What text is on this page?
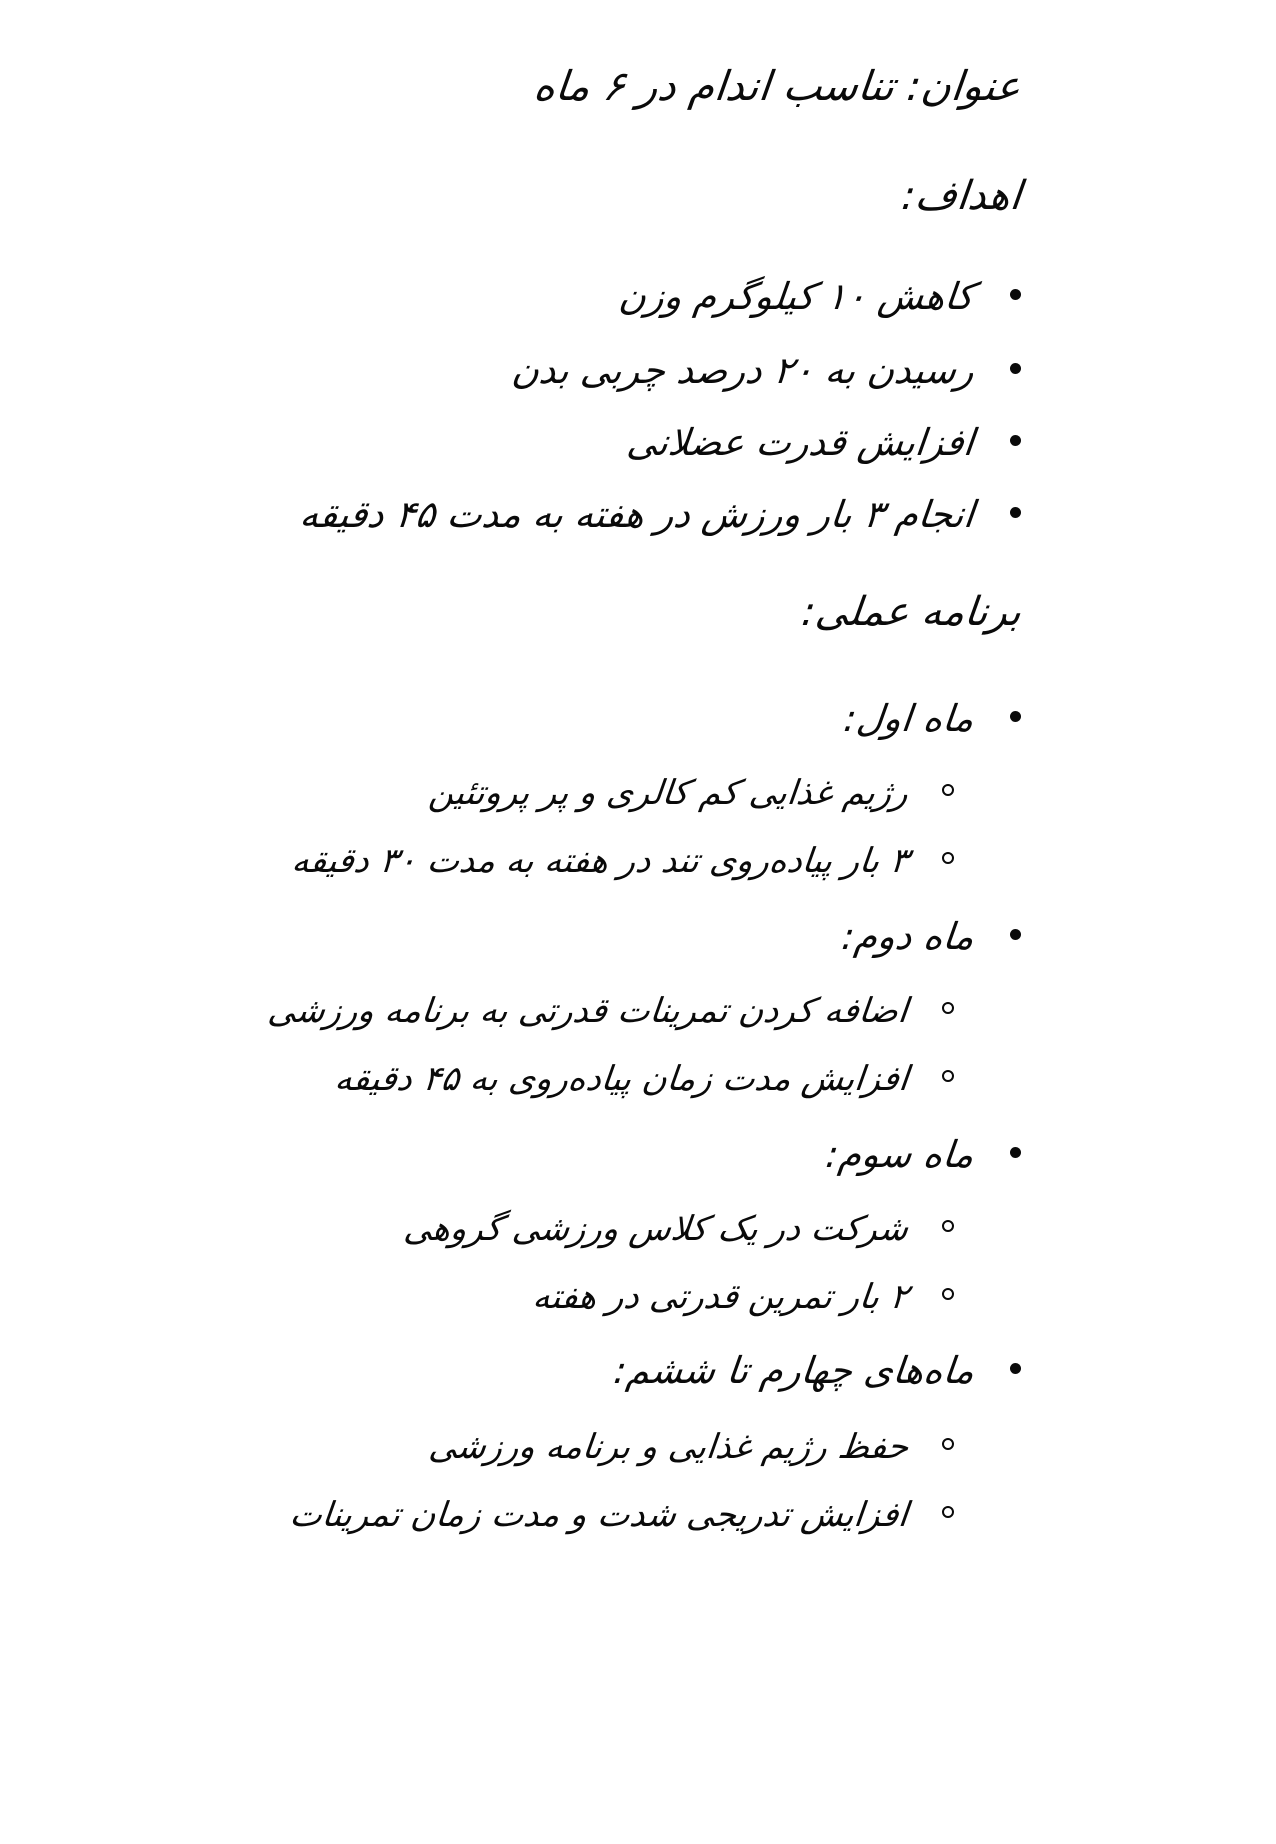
عنوان: تناسب اندام در ۶ ماه
اهداف:
کاهش ۱۰ کیلوگرم وزن
رسیدن به ۲۰ درصد چربی بدن
افزایش قدرت عضلانی
انجام ۳ بار ورزش در هفته به مدت ۴۵ دقیقه
برنامه عملی:
ماه اول:
رژیم غذایی کم کالری و پر پروتئین
۳ بار پیاده‌روی تند در هفته به مدت ۳۰ دقیقه
ماه دوم:
اضافه کردن تمرینات قدرتی به برنامه ورزشی
افزایش مدت زمان پیاده‌روی به ۴۵ دقیقه
ماه سوم:
شرکت در یک کلاس ورزشی گروهی
۲ بار تمرین قدرتی در هفته
ماه‌های چهارم تا ششم:
حفظ رژیم غذایی و برنامه ورزشی
افزایش تدریجی شدت و مدت زمان تمرینات
